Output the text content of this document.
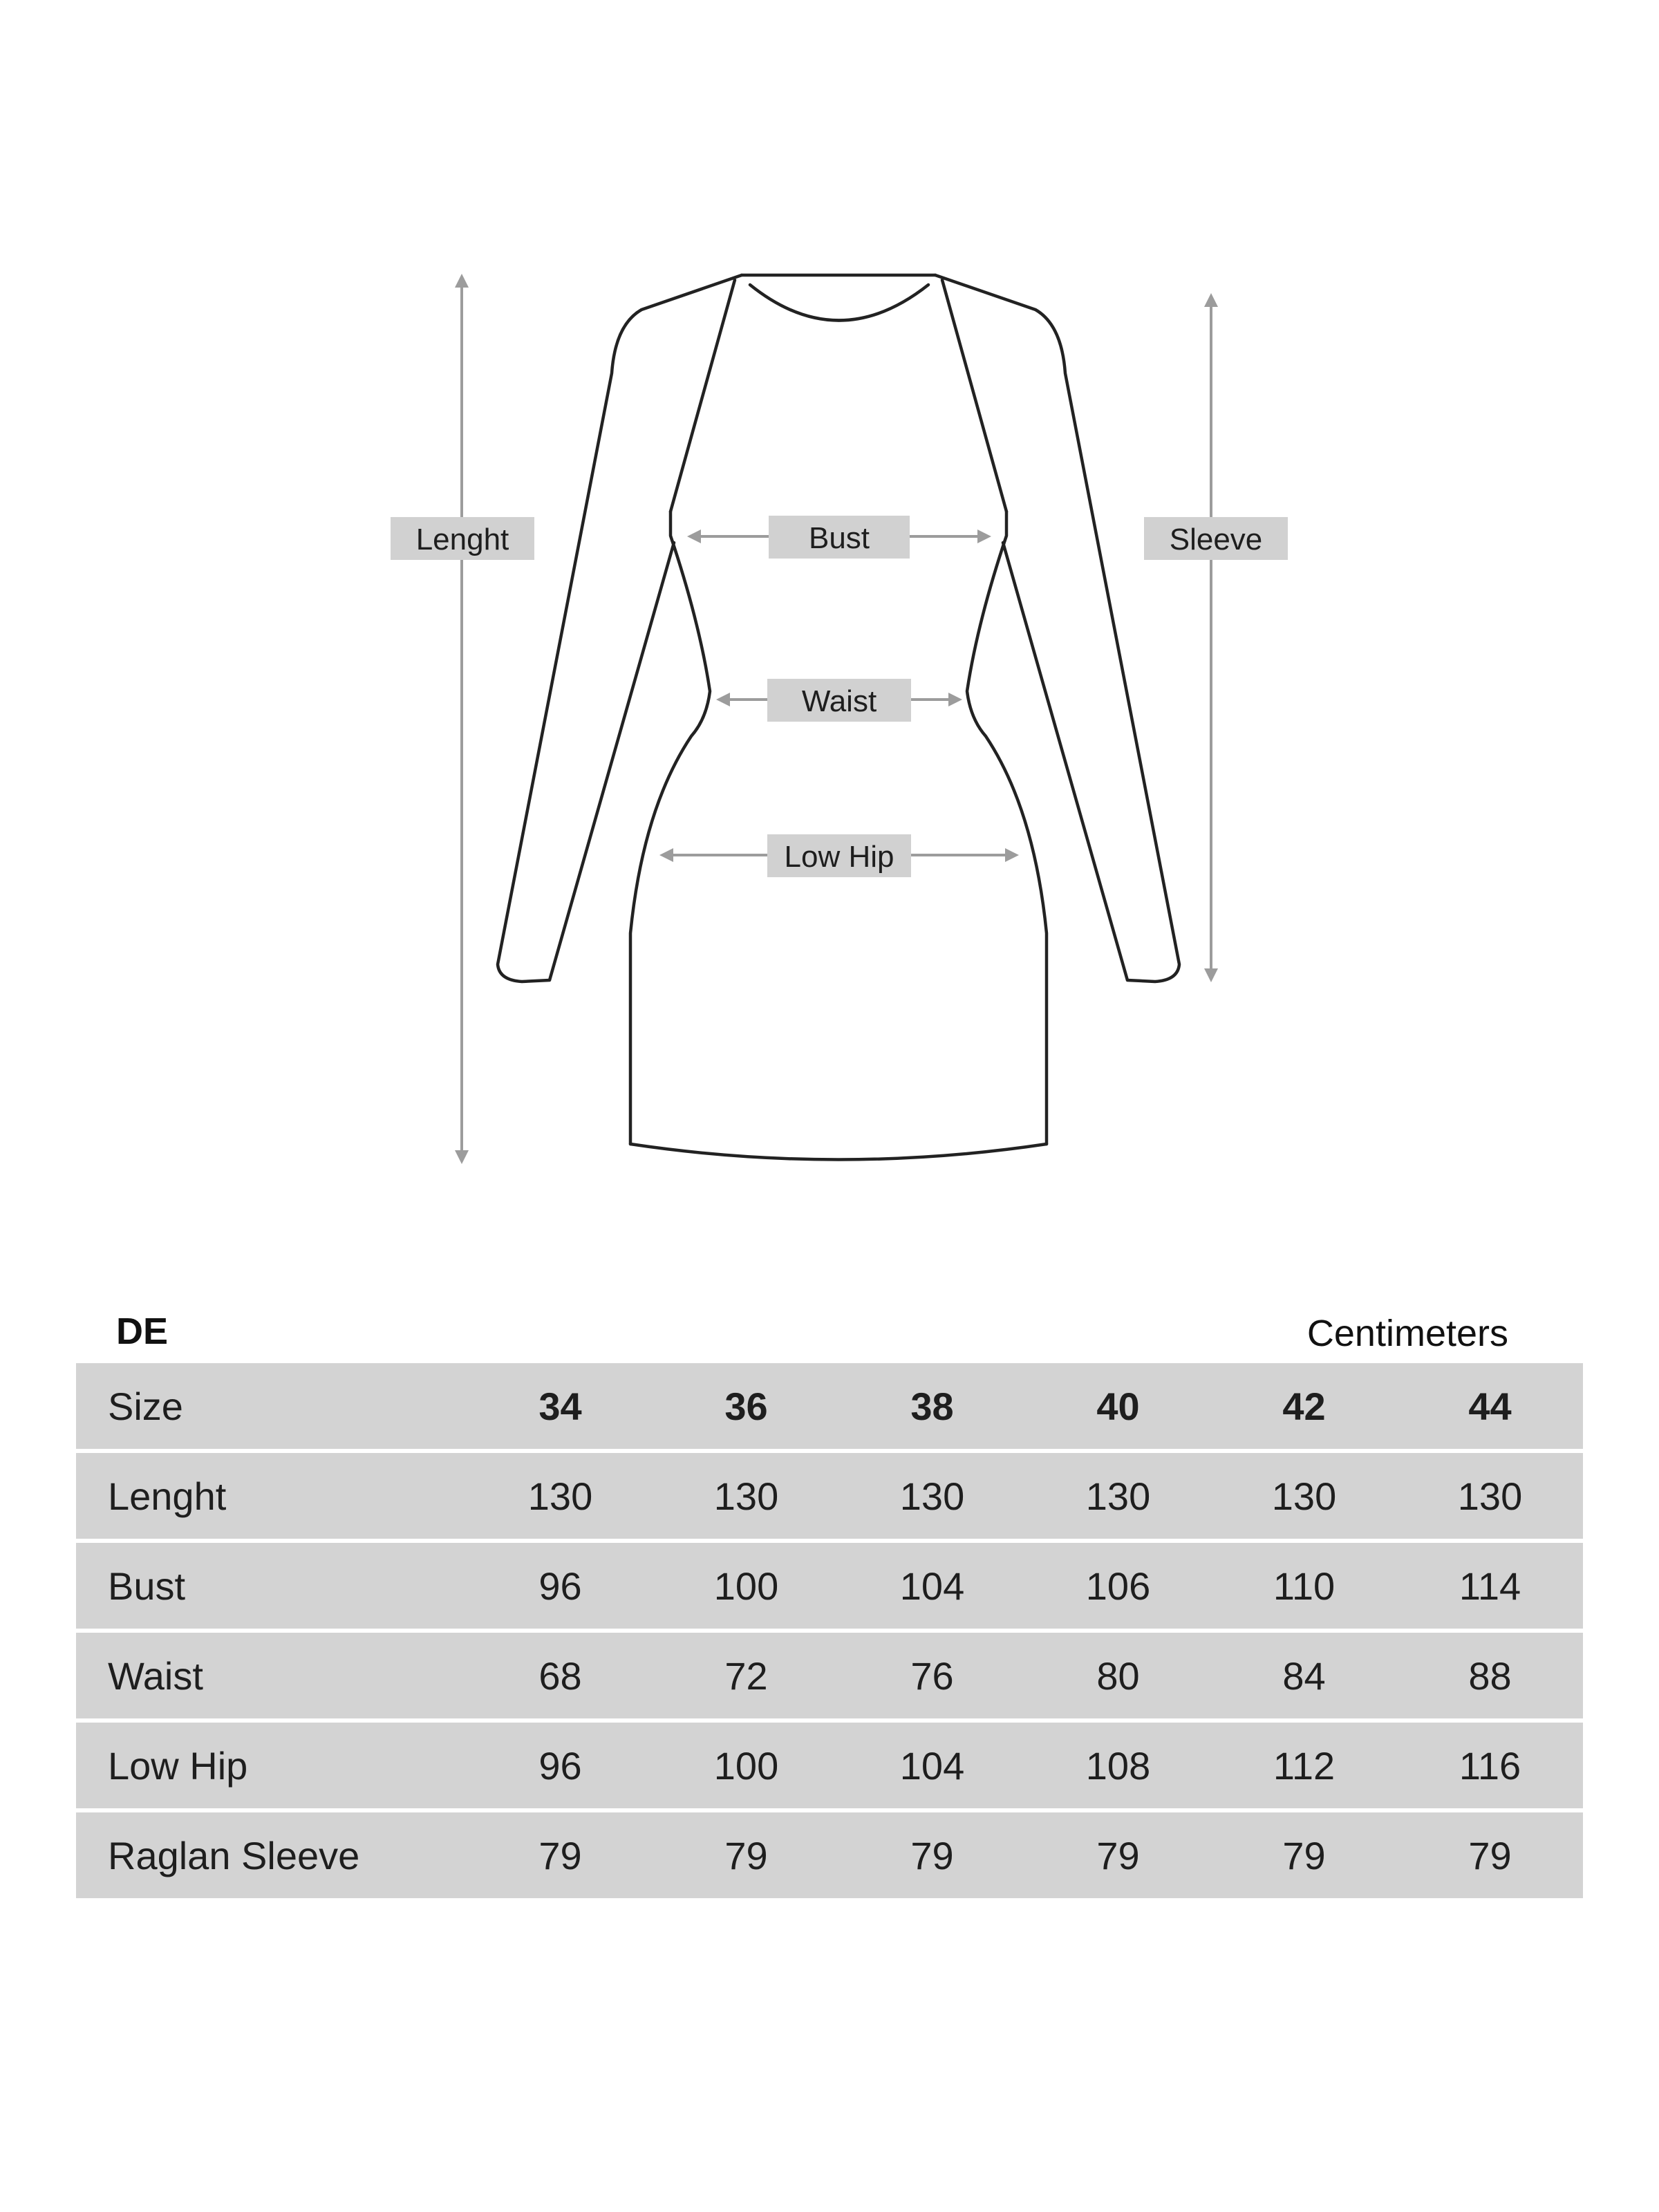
Lenght	Sleeve
Bust
Waist
Low Hip
DE	Centimeters
Size	34	36	38	40	42	44
Lenght	130	130	130	130	130	130
Bust	96	100	104	106	110	114
Waist	68	72	76	80	84	88
Low Hip	96	100	104	108	112	116
Raglan Sleeve	79	79	79	79	79	79
